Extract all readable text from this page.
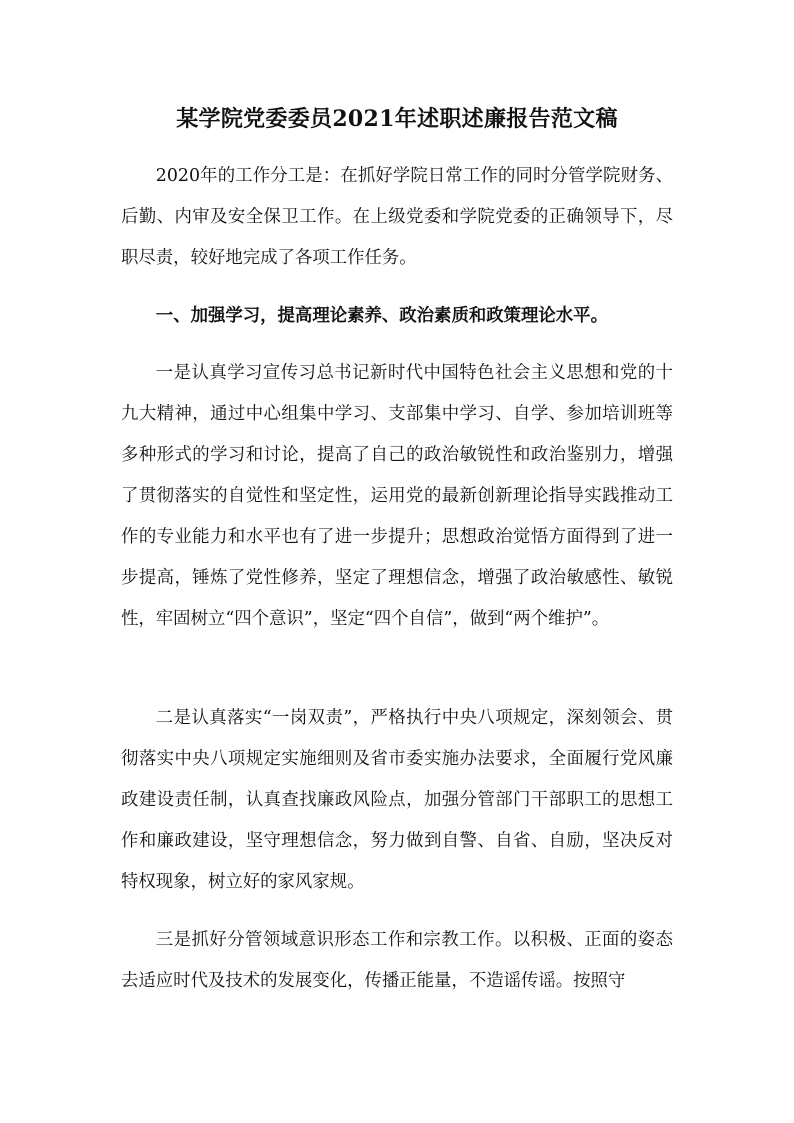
某学院党委委员2021年述职述廉报告范文稿

2020年的工作分工是：在抓好学院日常工作的同时分管学院财务、后勤、内审及安全保卫工作。在上级党委和学院党委的正确领导下，尽职尽责，较好地完成了各项工作任务。

一、加强学习，提高理论素养、政治素质和政策理论水平。

一是认真学习宣传习总书记新时代中国特色社会主义思想和党的十九大精神，通过中心组集中学习、支部集中学习、自学、参加培训班等多种形式的学习和讨论，提高了自己的政治敏锐性和政治鉴别力，增强了贯彻落实的自觉性和坚定性，运用党的最新创新理论指导实践推动工作的专业能力和水平也有了进一步提升；思想政治觉悟方面得到了进一步提高，锤炼了党性修养，坚定了理想信念，增强了政治敏感性、敏锐性，牢固树立“四个意识”，坚定“四个自信”，做到“两个维护”。

二是认真落实“一岗双责”，严格执行中央八项规定，深刻领会、贯彻落实中央八项规定实施细则及省市委实施办法要求，全面履行党风廉政建设责任制，认真查找廉政风险点，加强分管部门干部职工的思想工作和廉政建设，坚守理想信念，努力做到自警、自省、自励，坚决反对特权现象，树立好的家风家规。

三是抓好分管领域意识形态工作和宗教工作。以积极、正面的姿态去适应时代及技术的发展变化，传播正能量，不造谣传谣。按照守
